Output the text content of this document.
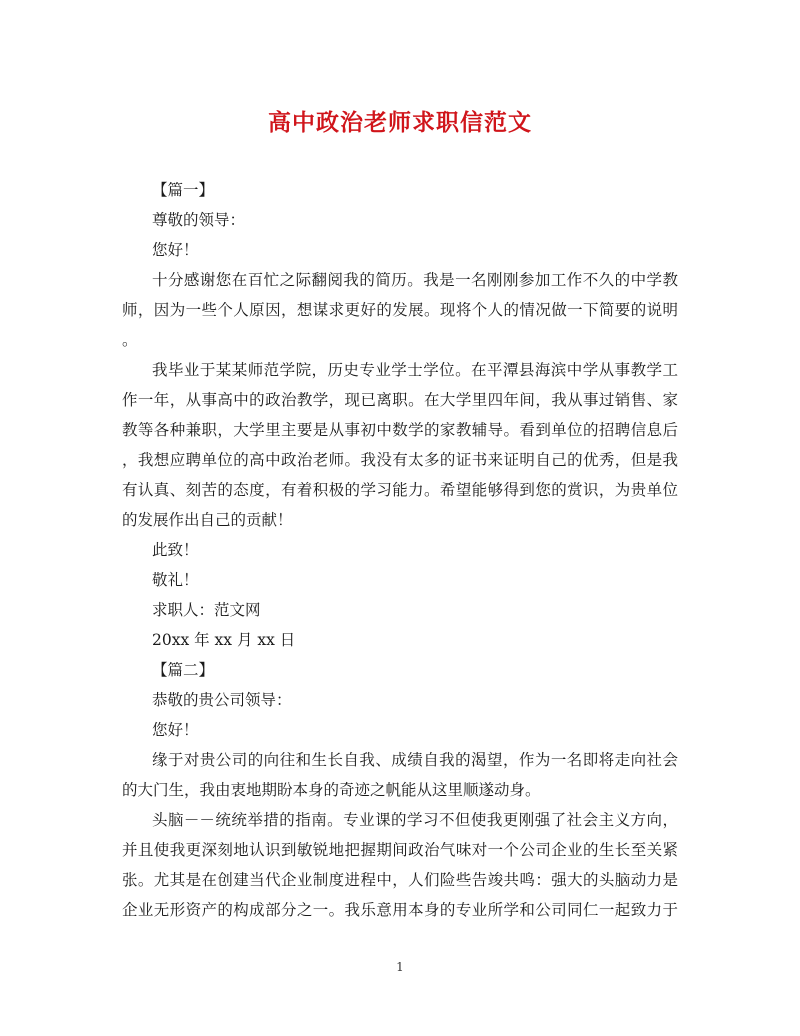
高中政治老师求职信范文
【篇一】
尊敬的领导：
您好！
十分感谢您在百忙之际翻阅我的简历。我是一名刚刚参加工作不久的中学教
师，因为一些个人原因，想谋求更好的发展。现将个人的情况做一下简要的说明
。
我毕业于某某师范学院，历史专业学士学位。在平潭县海滨中学从事教学工
作一年，从事高中的政治教学，现已离职。在大学里四年间，我从事过销售、家
教等各种兼职，大学里主要是从事初中数学的家教辅导。看到单位的招聘信息后
，我想应聘单位的高中政治老师。我没有太多的证书来证明自己的优秀，但是我
有认真、刻苦的态度，有着积极的学习能力。希望能够得到您的赏识，为贵单位
的发展作出自己的贡献！
此致！
敬礼！
求职人：范文网
20xx 年 xx 月 xx 日
【篇二】
恭敬的贵公司领导：
您好！
缘于对贵公司的向往和生长自我、成绩自我的渴望，作为一名即将走向社会
的大门生，我由衷地期盼本身的奇迹之帆能从这里顺遂动身。
头脑－－统统举措的指南。专业课的学习不但使我更刚强了社会主义方向，
并且使我更深刻地认识到敏锐地把握期间政治气味对一个公司企业的生长至关紧
张。尤其是在创建当代企业制度进程中，人们险些告竣共鸣：强大的头脑动力是
企业无形资产的构成部分之一。我乐意用本身的专业所学和公司同仁一起致力于
1
